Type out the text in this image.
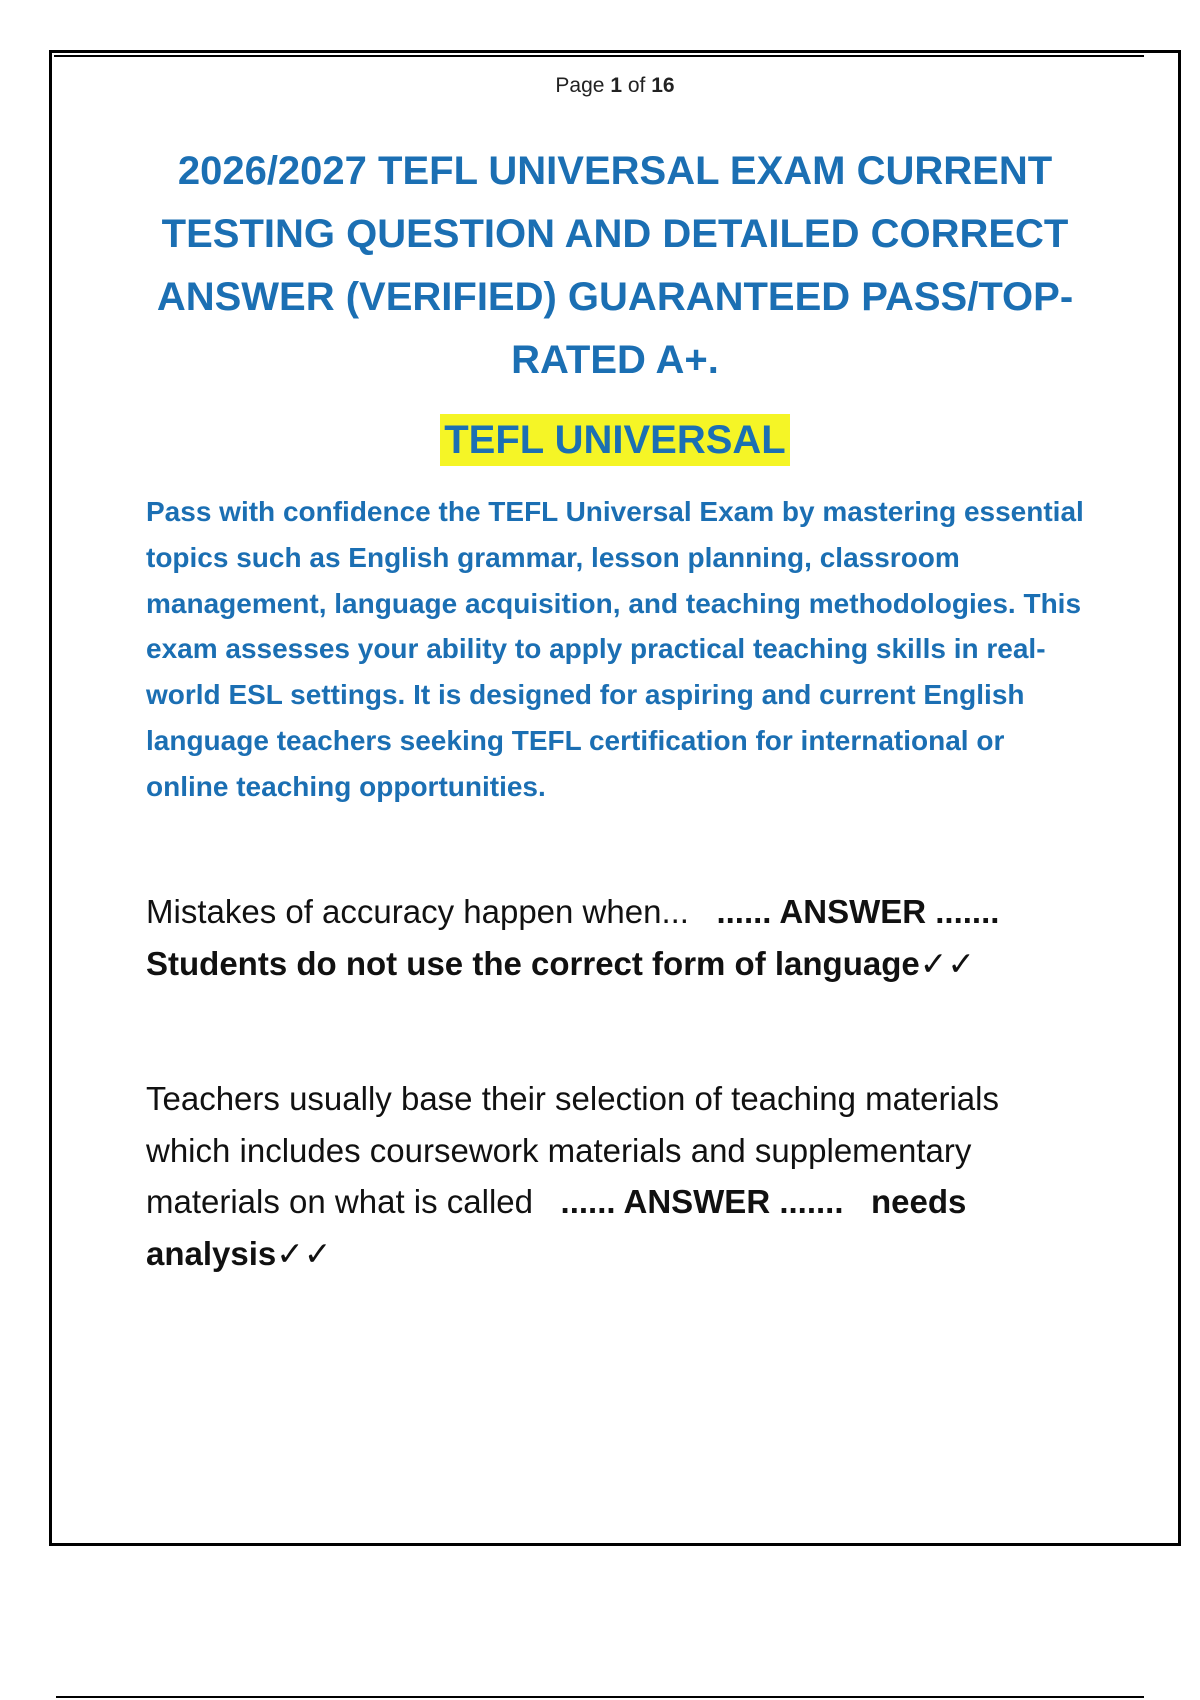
Page 1 of 16
2026/2027 TEFL UNIVERSAL EXAM CURRENT TESTING QUESTION AND DETAILED CORRECT ANSWER (VERIFIED) GUARANTEED PASS/TOP-RATED A+.
TEFL UNIVERSAL

Pass with confidence the TEFL Universal Exam by mastering essential topics such as English grammar, lesson planning, classroom management, language acquisition, and teaching methodologies. This exam assesses your ability to apply practical teaching skills in real-world ESL settings. It is designed for aspiring and current English language teachers seeking TEFL certification for international or online teaching opportunities.

Mistakes of accuracy happen when... ...... ANSWER ....... Students do not use the correct form of language✓✓

Teachers usually base their selection of teaching materials which includes coursework materials and supplementary materials on what is called ...... ANSWER ....... needs analysis✓✓
